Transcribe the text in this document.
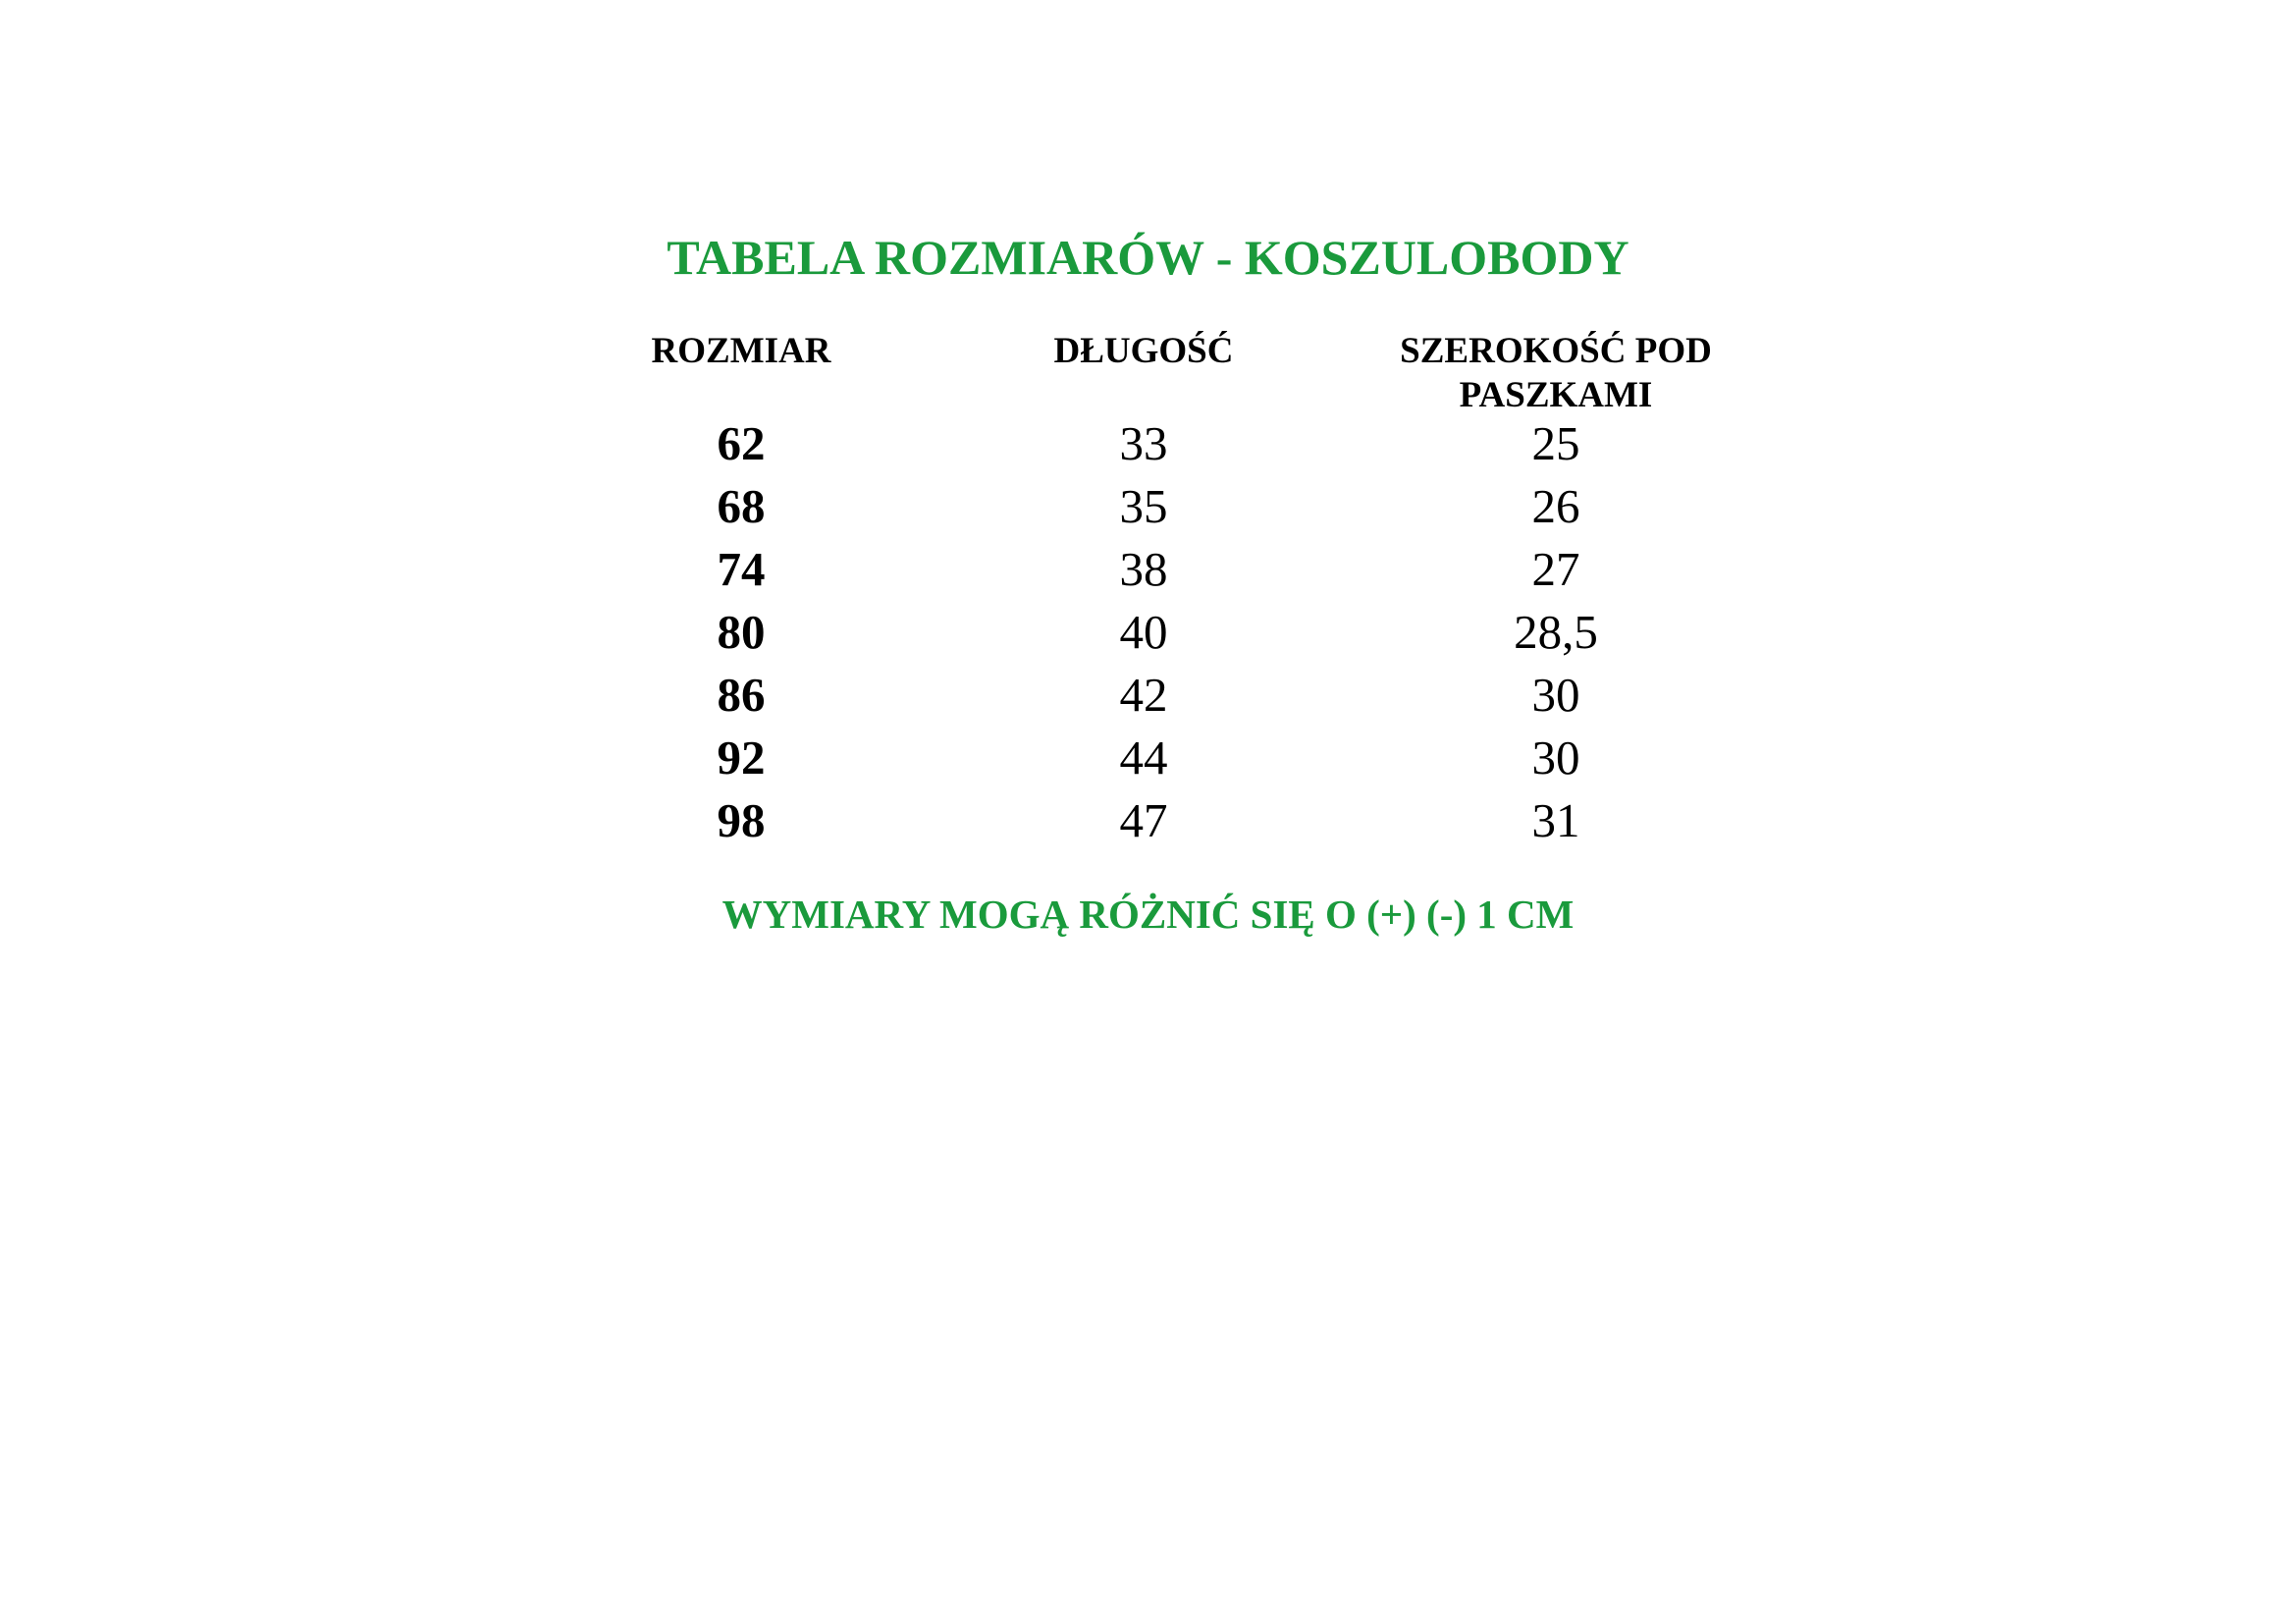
TABELA ROZMIARÓW - KOSZULOBODY
ROZMIAR	DŁUGOŚĆ	SZEROKOŚĆ POD PASZKAMI
62	33	25
68	35	26
74	38	27
80	40	28,5
86	42	30
92	44	30
98	47	31
WYMIARY MOGĄ RÓŻNIĆ SIĘ O (+) (-) 1 CM
